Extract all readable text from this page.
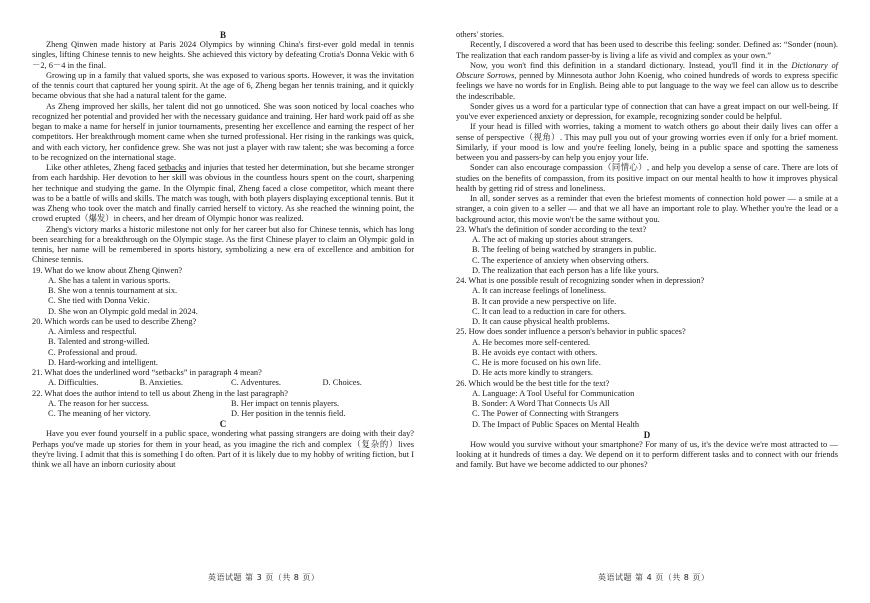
B

Zheng Qinwen made history at Paris 2024 Olympics by winning China's first-ever gold medal in tennis singles, lifting Chinese tennis to new heights. She achieved this victory by defeating Crotia's Donna Vekic with 6－2, 6－4 in the final.

Growing up in a family that valued sports, she was exposed to various sports. However, it was the invitation of the tennis court that captured her young spirit. At the age of 6, Zheng began her tennis training, and it quickly became obvious that she had a natural talent for the game.

As Zheng improved her skills, her talent did not go unnoticed. She was soon noticed by local coaches who recognized her potential and provided her with the necessary guidance and training. Her hard work paid off as she began to make a name for herself in junior tournaments, presenting her excellence and earning the respect of her competitors. Her breakthrough moment came when she turned professional. Her rising in the rankings was quick, and with each victory, her confidence grew. She was not just a player with raw talent; she was becoming a force to be recognized on the international stage.

Like other athletes, Zheng faced setbacks and injuries that tested her determination, but she became stronger from each hardship. Her devotion to her skill was obvious in the countless hours spent on the court, sharpening her technique and studying the game. In the Olympic final, Zheng faced a close competitor, which meant there was to be a battle of wills and skills. The match was tough, with both players displaying exceptional tennis. But it was Zheng who took over the match and finally carried herself to victory. As she reached the winning point, the crowd erupted（爆发）in cheers, and her dream of Olympic honor was realized.

Zheng's victory marks a historic milestone not only for her career but also for Chinese tennis, which has long been searching for a breakthrough on the Olympic stage. As the first Chinese player to claim an Olympic gold in tennis, her name will be remembered in sports history, symbolizing a new era of excellence and ambition for Chinese tennis.

19. What do we know about Zheng Qinwen?

A. She has a talent in various sports.

B. She won a tennis tournament at six.

C. She tied with Donna Vekic.

D. She won an Olympic gold medal in 2024.

20. Which words can be used to describe Zheng?

A. Aimless and respectful.

B. Talented and strong-willed.

C. Professional and proud.

D. Hard-working and intelligent.

21. What does the underlined word “setbacks” in paragraph 4 mean?

A. Difficulties.	B. Anxieties.	C. Adventures.	D. Choices.

22. What does the author intend to tell us about Zheng in the last paragraph?

A. The reason for her success.	B. Her impact on tennis players.
C. The meaning of her victory.	D. Her position in the tennis field.

C

Have you ever found yourself in a public space, wondering what passing strangers are doing with their day? Perhaps you've made up stories for them in your head, as you imagine the rich and complex（复杂的）lives they're living. I admit that this is something I do often. Part of it is likely due to my hobby of writing fiction, but I think we all have an inborn curiosity about

others' stories.

Recently, I discovered a word that has been used to describe this feeling: sonder. Defined as: “Sonder (noun). The realization that each random passer-by is living a life as vivid and complex as your own.”

Now, you won't find this definition in a standard dictionary. Instead, you'll find it in the Dictionary of Obscure Sorrows, penned by Minnesota author John Koenig, who coined hundreds of words to express specific feelings we have no words for in English. Being able to put language to the way we feel can allow us to describe the indescribable.

Sonder gives us a word for a particular type of connection that can have a great impact on our well-being. If you've ever experienced anxiety or depression, for example, recognizing sonder could be helpful.

If your head is filled with worries, taking a moment to watch others go about their daily lives can offer a sense of perspective（视角）. This may pull you out of your growing worries even if only for a brief moment. Similarly, if your mood is low and you're feeling lonely, being in a public space and spotting the sameness between you and passers-by can help you enjoy your life.

Sonder can also encourage compassion（同情心）, and help you develop a sense of care. There are lots of studies on the benefits of compassion, from its positive impact on our mental health to how it improves physical health by getting rid of stress and loneliness.

In all, sonder serves as a reminder that even the briefest moments of connection hold power — a smile at a stranger, a coin given to a seller — and that we all have an important role to play. Whether you're the lead or a background actor, this movie won't be the same without you.

23. What's the definition of sonder according to the text?

A. The act of making up stories about strangers.

B. The feeling of being watched by strangers in public.

C. The experience of anxiety when observing others.

D. The realization that each person has a life like yours.

24. What is one possible result of recognizing sonder when in depression?

A. It can increase feelings of loneliness.

B. It can provide a new perspective on life.

C. It can lead to a reduction in care for others.

D. It can cause physical health problems.

25. How does sonder influence a person's behavior in public spaces?

A. He becomes more self-centered.

B. He avoids eye contact with others.

C. He is more focused on his own life.

D. He acts more kindly to strangers.

26. Which would be the best title for the text?

A. Language: A Tool Useful for Communication

B. Sonder: A Word That Connects Us All

C. The Power of Connecting with Strangers

D. The Impact of Public Spaces on Mental Health

D

How would you survive without your smartphone? For many of us, it's the device we're most attracted to — looking at it hundreds of times a day. We depend on it to perform different tasks and to connect with our friends and family. But have we become addicted to our phones?

英语试题 第 3 页（共 8 页）	英语试题 第 4 页（共 8 页）
